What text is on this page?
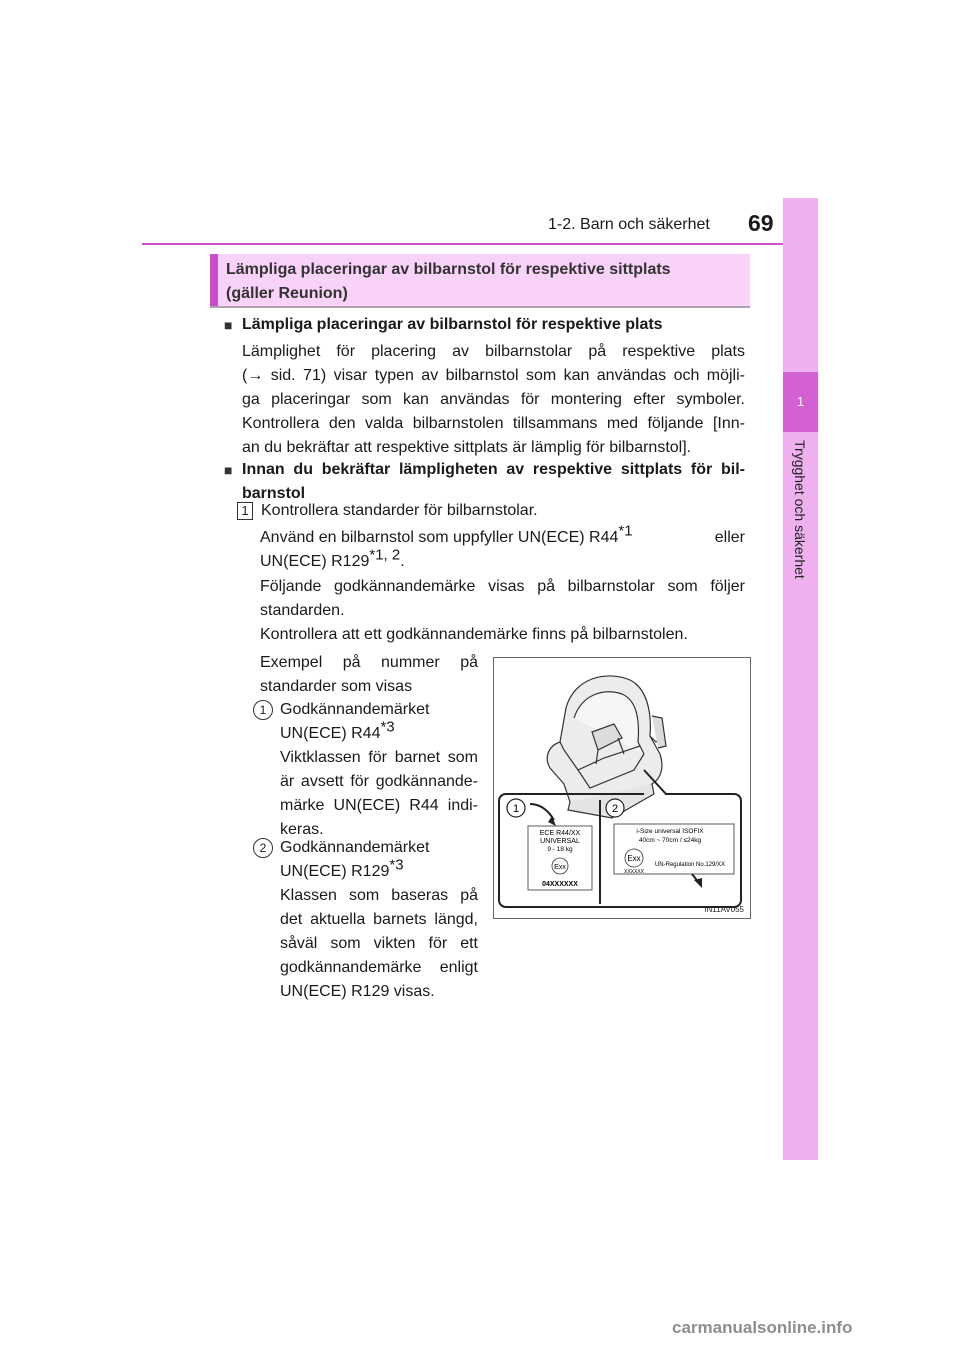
1-2. Barn och säkerhet 69
1
Trygghet och säkerhet
Lämpliga placeringar av bilbarnstol för respektive sittplats
(gäller Reunion)
■ Lämpliga placeringar av bilbarnstol för respektive plats
Lämplighet för placering av bilbarnstolar på respektive plats
(→ sid. 71) visar typen av bilbarnstol som kan användas och möjli-
ga placeringar som kan användas för montering efter symboler.
Kontrollera den valda bilbarnstolen tillsammans med följande [Inn-
an du bekräftar att respektive sittplats är lämplig för bilbarnstol].
■ Innan du bekräftar lämpligheten av respektive sittplats för bil-
barnstol
1 Kontrollera standarder för bilbarnstolar.
Använd en bilbarnstol som uppfyller UN(ECE) R44$^{*1}$	eller
UN(ECE) R129$^{*1, 2}$.
Följande godkännandemärke visas på bilbarnstolar som följer
standarden.
Kontrollera att ett godkännandemärke finns på bilbarnstolen.
Exempel på nummer på
standarder som visas
1 Godkännandemärket
UN(ECE) R44$^{*3}$
Viktklassen för barnet som
är avsett för godkännande-
märke UN(ECE) R44 indi-
keras.
2 Godkännandemärket
UN(ECE) R129$^{*3}$
Klassen som baseras på
det aktuella barnets längd,
såväl som vikten för ett
godkännandemärke enligt
UN(ECE) R129 visas.
1	2
ECE R44/XX
UNIVERSAL
9 - 18 kg
Exx
04XXXXXX
i-Size universal ISOFIX
40cm ~ 70cm / ≤24kg
Exx
XXXXXX
UN-Regulation No.129/XX
IN11AV055
carmanualsonline.info
